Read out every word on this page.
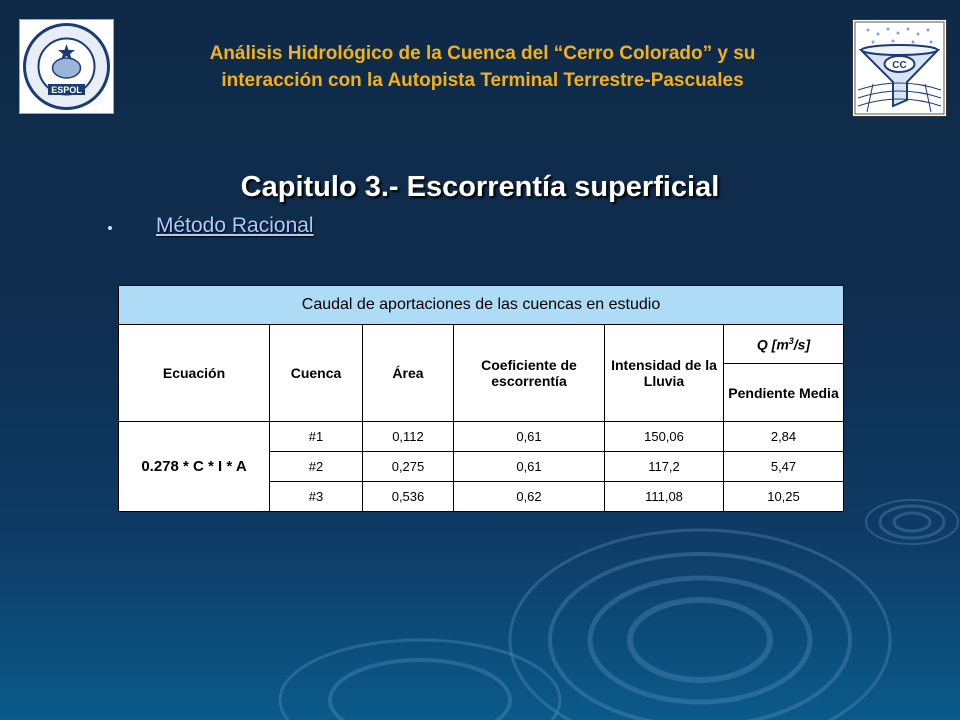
ESPOL
CC
Análisis Hidrológico de la Cuenca del “Cerro Colorado” y su
interacción con la Autopista Terminal Terrestre-Pascuales
Capitulo 3.- Escorrentía superficial
Método Racional
Caudal de aportaciones de las cuencas en estudio					
Ecuación	Cuenca	Área	Coeficiente de escorrentía	Intensidad de la Lluvia	Q $[m^3/s]$
					Pendiente Media
0.278 * C * I * A	#1	0,112	0,61	150,06	2,84
	#2	0,275	0,61	117,2	5,47
	#3	0,536	0,62	111,08	10,25
